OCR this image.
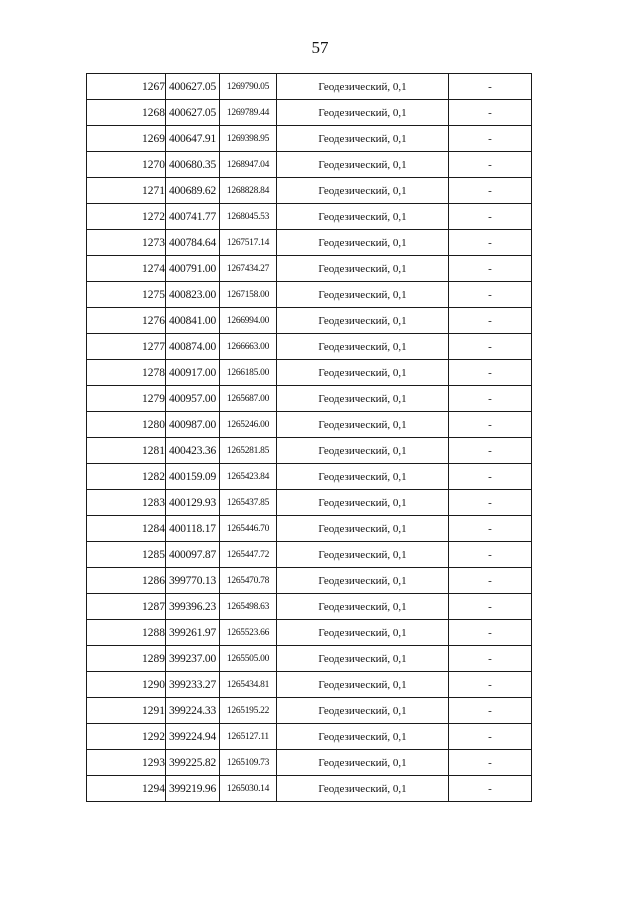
57
1267	400627.05	1269790.05	Геодезический, 0,1	-
1268	400627.05	1269789.44	Геодезический, 0,1	-
1269	400647.91	1269398.95	Геодезический, 0,1	-
1270	400680.35	1268947.04	Геодезический, 0,1	-
1271	400689.62	1268828.84	Геодезический, 0,1	-
1272	400741.77	1268045.53	Геодезический, 0,1	-
1273	400784.64	1267517.14	Геодезический, 0,1	-
1274	400791.00	1267434.27	Геодезический, 0,1	-
1275	400823.00	1267158.00	Геодезический, 0,1	-
1276	400841.00	1266994.00	Геодезический, 0,1	-
1277	400874.00	1266663.00	Геодезический, 0,1	-
1278	400917.00	1266185.00	Геодезический, 0,1	-
1279	400957.00	1265687.00	Геодезический, 0,1	-
1280	400987.00	1265246.00	Геодезический, 0,1	-
1281	400423.36	1265281.85	Геодезический, 0,1	-
1282	400159.09	1265423.84	Геодезический, 0,1	-
1283	400129.93	1265437.85	Геодезический, 0,1	-
1284	400118.17	1265446.70	Геодезический, 0,1	-
1285	400097.87	1265447.72	Геодезический, 0,1	-
1286	399770.13	1265470.78	Геодезический, 0,1	-
1287	399396.23	1265498.63	Геодезический, 0,1	-
1288	399261.97	1265523.66	Геодезический, 0,1	-
1289	399237.00	1265505.00	Геодезический, 0,1	-
1290	399233.27	1265434.81	Геодезический, 0,1	-
1291	399224.33	1265195.22	Геодезический, 0,1	-
1292	399224.94	1265127.11	Геодезический, 0,1	-
1293	399225.82	1265109.73	Геодезический, 0,1	-
1294	399219.96	1265030.14	Геодезический, 0,1	-
